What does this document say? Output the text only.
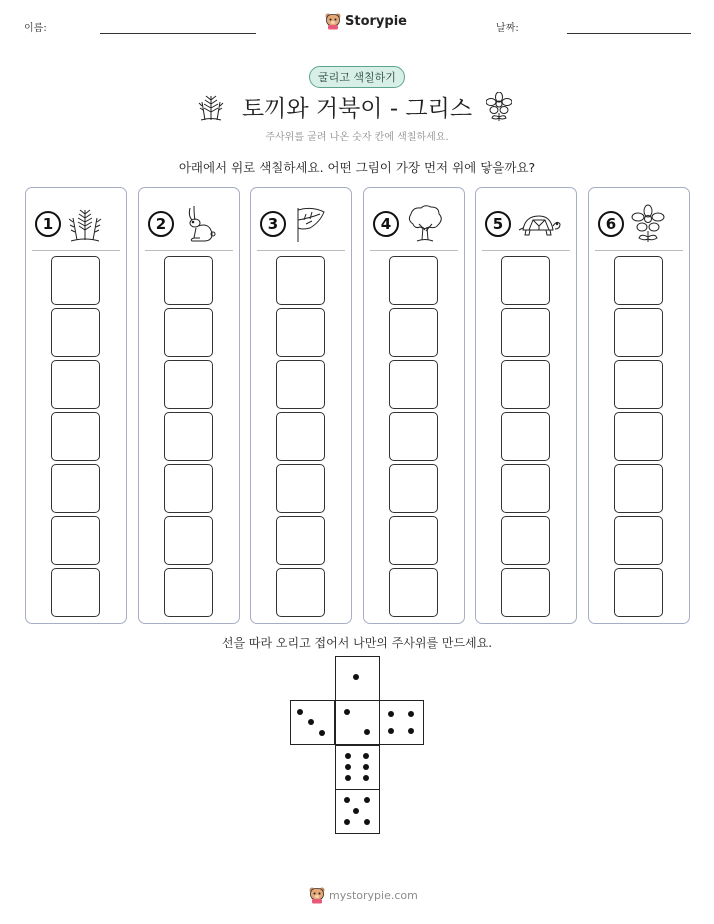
이름:	Storypie	날짜:
굴리고 색칠하기
토끼와 거북이 - 그리스
주사위를 굴려 나온 숫자 칸에 색칠하세요.
아래에서 위로 색칠하세요. 어떤 그림이 가장 먼저 위에 닿을까요?
1	2	3	4	5	6
선을 따라 오리고 접어서 나만의 주사위를 만드세요.
mystorypie.com
